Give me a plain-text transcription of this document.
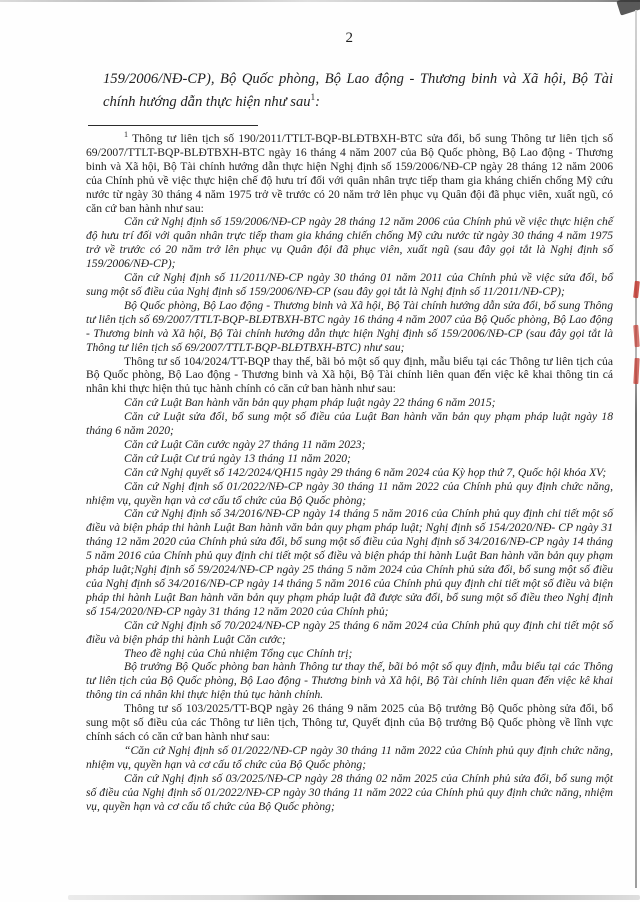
2

159/2006/NĐ-CP), Bộ Quốc phòng, Bộ Lao động - Thương binh và Xã hội, Bộ Tài chính hướng dẫn thực hiện như sau$^1$:

$^1$ Thông tư liên tịch số 190/2011/TTLT-BQP-BLĐTBXH-BTC sửa đổi, bổ sung Thông tư liên tịch số 69/2007/TTLT-BQP-BLĐTBXH-BTC ngày 16 tháng 4 năm 2007 của Bộ Quốc phòng, Bộ Lao động - Thương binh và Xã hội, Bộ Tài chính hướng dẫn thực hiện Nghị định số 159/2006/NĐ-CP ngày 28 tháng 12 năm 2006 của Chính phủ về việc thực hiện chế độ hưu trí đối với quân nhân trực tiếp tham gia kháng chiến chống Mỹ cứu nước từ ngày 30 tháng 4 năm 1975 trở về trước có 20 năm trở lên phục vụ Quân đội đã phục viên, xuất ngũ, có căn cứ ban hành như sau:

Căn cứ Nghị định số 159/2006/NĐ-CP ngày 28 tháng 12 năm 2006 của Chính phủ về việc thực hiện chế độ hưu trí đối với quân nhân trực tiếp tham gia kháng chiến chống Mỹ cứu nước từ ngày 30 tháng 4 năm 1975 trở về trước có 20 năm trở lên phục vụ Quân đội đã phục viên, xuất ngũ (sau đây gọi tắt là Nghị định số 159/2006/NĐ-CP);

Căn cứ Nghị định số 11/2011/NĐ-CP ngày 30 tháng 01 năm 2011 của Chính phủ về việc sửa đổi, bổ sung một số điều của Nghị định số 159/2006/NĐ-CP (sau đây gọi tắt là Nghị định số 11/2011/NĐ-CP);

Bộ Quốc phòng, Bộ Lao động - Thương binh và Xã hội, Bộ Tài chính hướng dẫn sửa đổi, bổ sung Thông tư liên tịch số 69/2007/TTLT-BQP-BLĐTBXH-BTC ngày 16 tháng 4 năm 2007 của Bộ Quốc phòng, Bộ Lao động - Thương binh và Xã hội, Bộ Tài chính hướng dẫn thực hiện Nghị định số 159/2006/NĐ-CP (sau đây gọi tắt là Thông tư liên tịch số 69/2007/TTLT-BQP-BLĐTBXH-BTC) như sau;

Thông tư số 104/2024/TT-BQP thay thế, bãi bỏ một số quy định, mẫu biểu tại các Thông tư liên tịch của Bộ Quốc phòng, Bộ Lao động - Thương binh và Xã hội, Bộ Tài chính liên quan đến việc kê khai thông tin cá nhân khi thực hiện thủ tục hành chính có căn cứ ban hành như sau:

Căn cứ Luật Ban hành văn bản quy phạm pháp luật ngày 22 tháng 6 năm 2015;

Căn cứ Luật sửa đổi, bổ sung một số điều của Luật Ban hành văn bản quy phạm pháp luật ngày 18 tháng 6 năm 2020;

Căn cứ Luật Căn cước ngày 27 tháng 11 năm 2023;

Căn cứ Luật Cư trú ngày 13 tháng 11 năm 2020;

Căn cứ Nghị quyết số 142/2024/QH15 ngày 29 tháng 6 năm 2024 của Kỳ họp thứ 7, Quốc hội khóa XV;

Căn cứ Nghị định số 01/2022/NĐ-CP ngày 30 tháng 11 năm 2022 của Chính phủ quy định chức năng, nhiệm vụ, quyền hạn và cơ cấu tổ chức của Bộ Quốc phòng;

Căn cứ Nghị định số 34/2016/NĐ-CP ngày 14 tháng 5 năm 2016 của Chính phủ quy định chi tiết một số điều và biện pháp thi hành Luật Ban hành văn bản quy phạm pháp luật; Nghị định số 154/2020/NĐ- CP ngày 31 tháng 12 năm 2020 của Chính phủ sửa đổi, bổ sung một số điều của Nghị định số 34/2016/NĐ-CP ngày 14 tháng 5 năm 2016 của Chính phủ quy định chi tiết một số điều và biện pháp thi hành Luật Ban hành văn bản quy phạm pháp luật;Nghị định số 59/2024/NĐ-CP ngày 25 tháng 5 năm 2024 của Chính phủ sửa đổi, bổ sung một số điều của Nghị định số 34/2016/NĐ-CP ngày 14 tháng 5 năm 2016 của Chính phủ quy định chi tiết một số điều và biện pháp thi hành Luật Ban hành văn bản quy phạm pháp luật đã được sửa đổi, bổ sung một số điều theo Nghị định số 154/2020/NĐ-CP ngày 31 tháng 12 năm 2020 của Chính phủ;

Căn cứ Nghị định số 70/2024/NĐ-CP ngày 25 tháng 6 năm 2024 của Chính phủ quy định chi tiết một số điều và biện pháp thi hành Luật Căn cước;

Theo đề nghị của Chủ nhiệm Tổng cục Chính trị;

Bộ trưởng Bộ Quốc phòng ban hành Thông tư thay thế, bãi bỏ một số quy định, mẫu biểu tại các Thông tư liên tịch của Bộ Quốc phòng, Bộ Lao động - Thương binh và Xã hội, Bộ Tài chính liên quan đến việc kê khai thông tin cá nhân khi thực hiện thủ tục hành chính.

Thông tư số 103/2025/TT-BQP ngày 26 tháng 9 năm 2025 của Bộ trưởng Bộ Quốc phòng sửa đổi, bổ sung một số điều của các Thông tư liên tịch, Thông tư, Quyết định của Bộ trưởng Bộ Quốc phòng về lĩnh vực chính sách có căn cứ ban hành như sau:

“Căn cứ Nghị định số 01/2022/NĐ-CP ngày 30 tháng 11 năm 2022 của Chính phủ quy định chức năng, nhiệm vụ, quyền hạn và cơ cấu tổ chức của Bộ Quốc phòng;

Căn cứ Nghị định số 03/2025/NĐ-CP ngày 28 tháng 02 năm 2025 của Chính phủ sửa đổi, bổ sung một số điều của Nghị định số 01/2022/NĐ-CP ngày 30 tháng 11 năm 2022 của Chính phủ quy định chức năng, nhiệm vụ, quyền hạn và cơ cấu tổ chức của Bộ Quốc phòng;
